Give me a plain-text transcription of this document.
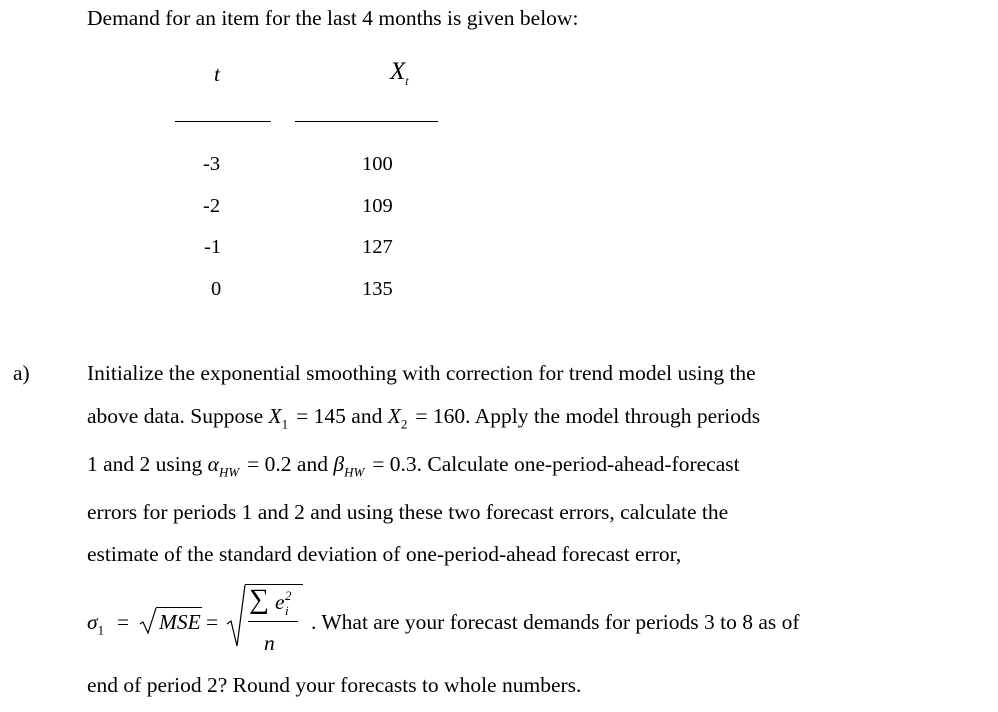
Demand for an item for the last 4 months is given below:
t	$X_t$
-3	100
-2	109
-1	127
0	135
a)	Initialize the exponential smoothing with correction for trend model using the
above data. Suppose $X_1 = 145$ and $X_2 = 160$. Apply the model through periods
1 and 2 using $\alpha_{HW} = 0.2$ and $\beta_{HW} = 0.3$. Calculate one-period-ahead-forecast
errors for periods 1 and 2 and using these two forecast errors, calculate the
estimate of the standard deviation of one-period-ahead forecast error,
$\sigma_1$ = MSE =
∑ e 2
i
n
. What are your forecast demands for periods 3 to 8 as of
end of period 2? Round your forecasts to whole numbers.
